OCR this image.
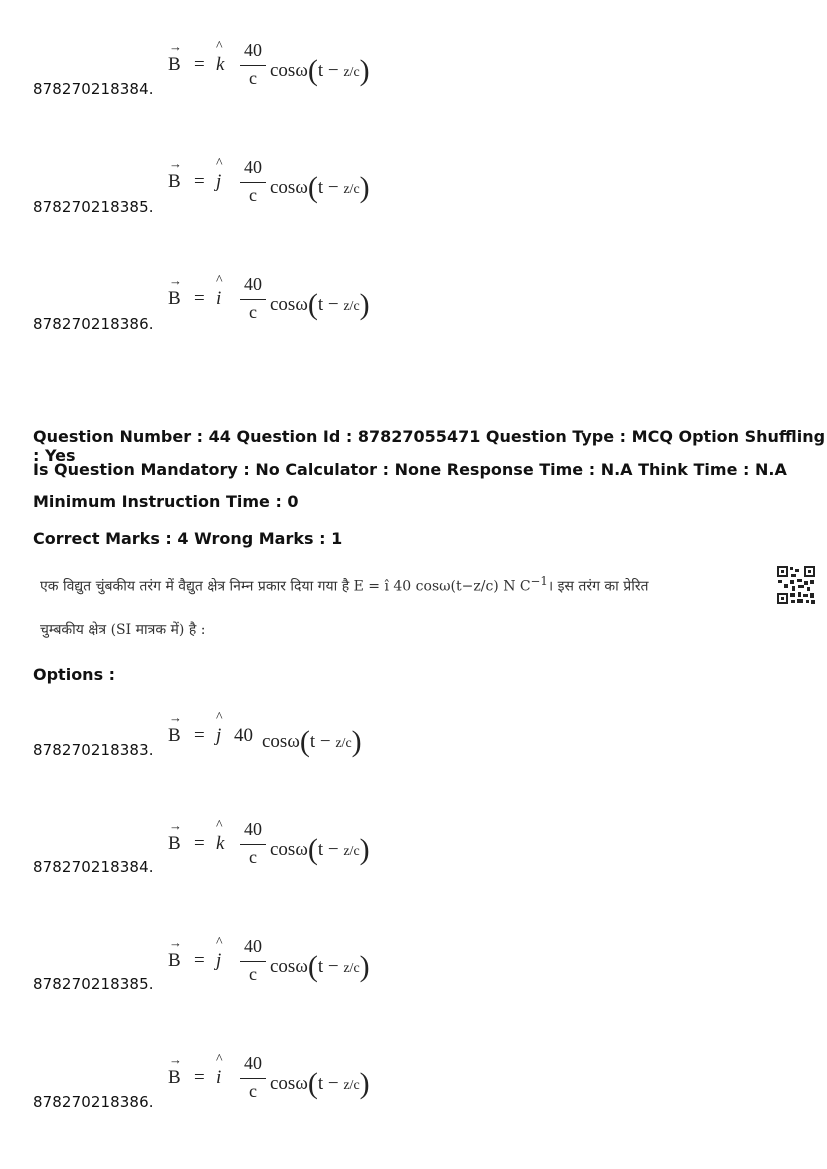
→
B =
^
k
40
c cosω(t − z/c)
878270218384.
→
B =
^
j
40
c cosω(t − z/c)
878270218385.
→
B =
^
i
40
c cosω(t − z/c)
878270218386.
Question Number : 44 Question Id : 87827055471 Question Type : MCQ Option Shuffling : Yes
Is Question Mandatory : No Calculator : None Response Time : N.A Think Time : N.A
Minimum Instruction Time : 0
Correct Marks : 4 Wrong Marks : 1
एक विद्युत चुंबकीय तरंग में वैद्युत क्षेत्र निम्न प्रकार दिया गया है E = î 40 cosω(t−z/c) N $C^{-1}।$ इस तरंग का प्रेरित
चुम्बकीय क्षेत्र (SI मात्रक में) है :
Options :
→
B =
^
j 40 cosω(t − z/c)
878270218383.
→
B =
^
k
40
c cosω(t − z/c)
878270218384.
→
B =
^
j
40
c cosω(t − z/c)
878270218385.
→
B =
^
i
40
c cosω(t − z/c)
878270218386.
